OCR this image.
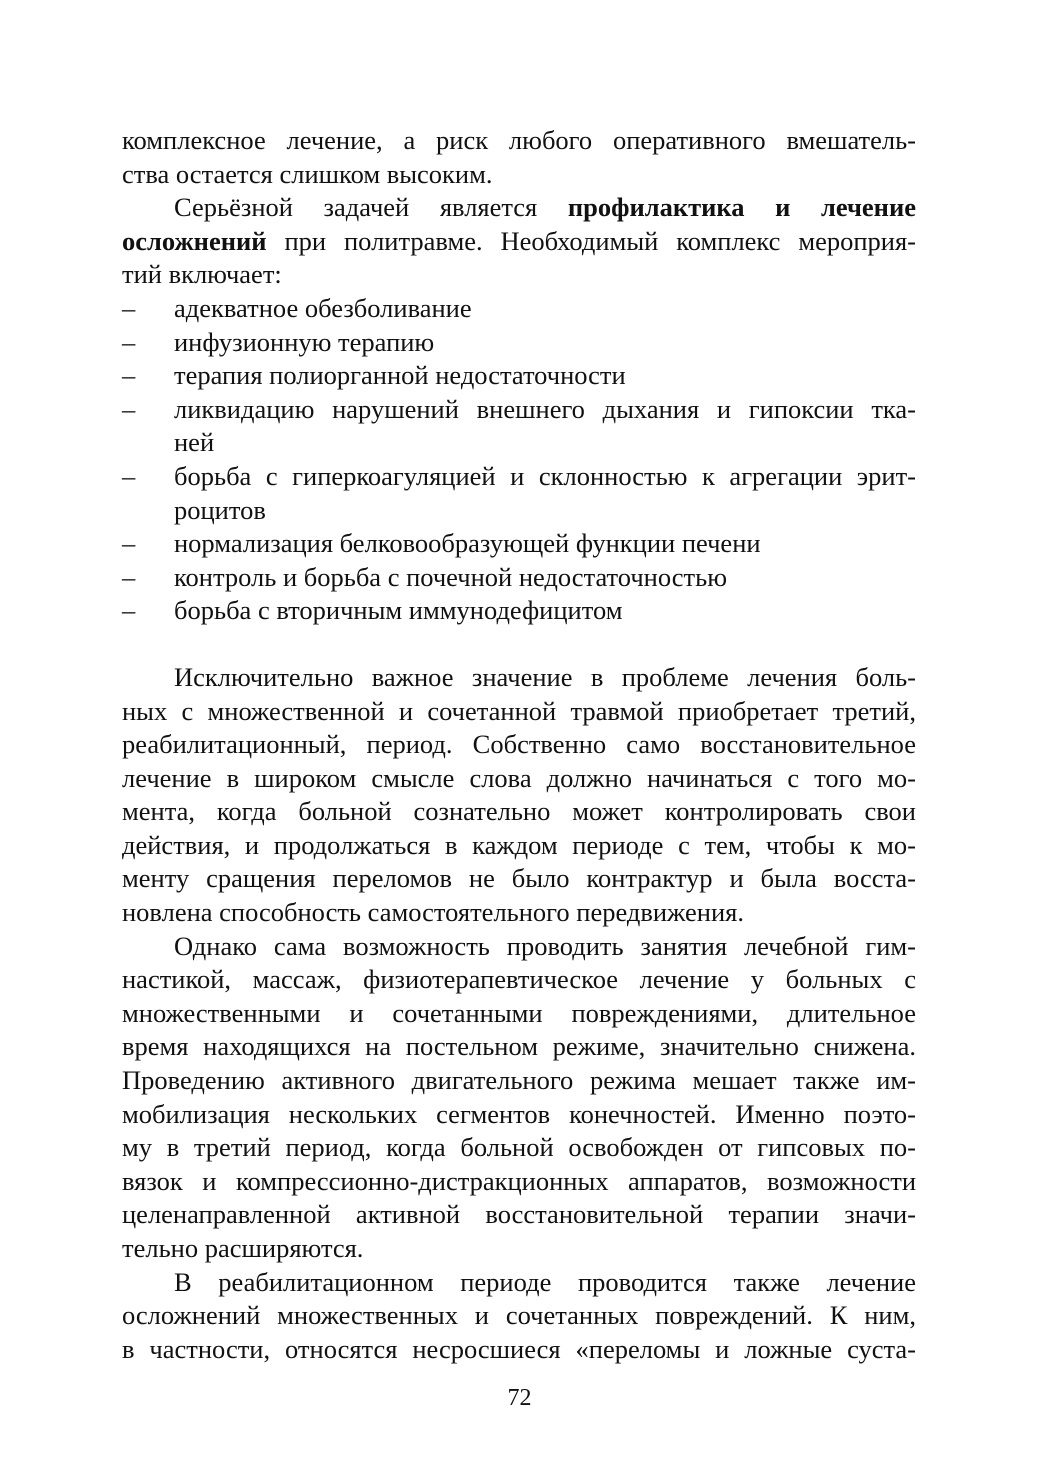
комплексное лечение, а риск любого оперативного вмешатель-
ства остается слишком высоким.
Серьёзной задачей является профилактика и лечение
осложнений при политравме. Необходимый комплекс мероприя-
тий включает:
–	адекватное обезболивание
–	инфузионную терапию
–	терапия полиорганной недостаточности
–	ликвидацию нарушений внешнего дыхания и гипоксии тка-
ней
–	борьба с гиперкоагуляцией и склонностью к агрегации эрит-
роцитов
–	нормализация белковообразующей функции печени
–	контроль и борьба с почечной недостаточностью
–	борьба с вторичным иммунодефицитом
Исключительно важное значение в проблеме лечения боль-
ных с множественной и сочетанной травмой приобретает третий,
реабилитационный, период. Собственно само восстановительное
лечение в широком смысле слова должно начинаться с того мо-
мента, когда больной сознательно может контролировать свои
действия, и продолжаться в каждом периоде с тем, чтобы к мо-
менту сращения переломов не было контрактур и была восста-
новлена способность самостоятельного передвижения.
Однако сама возможность проводить занятия лечебной гим-
настикой, массаж, физиотерапевтическое лечение у больных с
множественными и сочетанными повреждениями, длительное
время находящихся на постельном режиме, значительно снижена.
Проведению активного двигательного режима мешает также им-
мобилизация нескольких сегментов конечностей. Именно поэто-
му в третий период, когда больной освобожден от гипсовых по-
вязок и компрессионно-дистракционных аппаратов, возможности
целенаправленной активной восстановительной терапии значи-
тельно расширяются.
В реабилитационном периоде проводится также лечение
осложнений множественных и сочетанных повреждений. К ним,
в частности, относятся несросшиеся «переломы и ложные суста-
72
